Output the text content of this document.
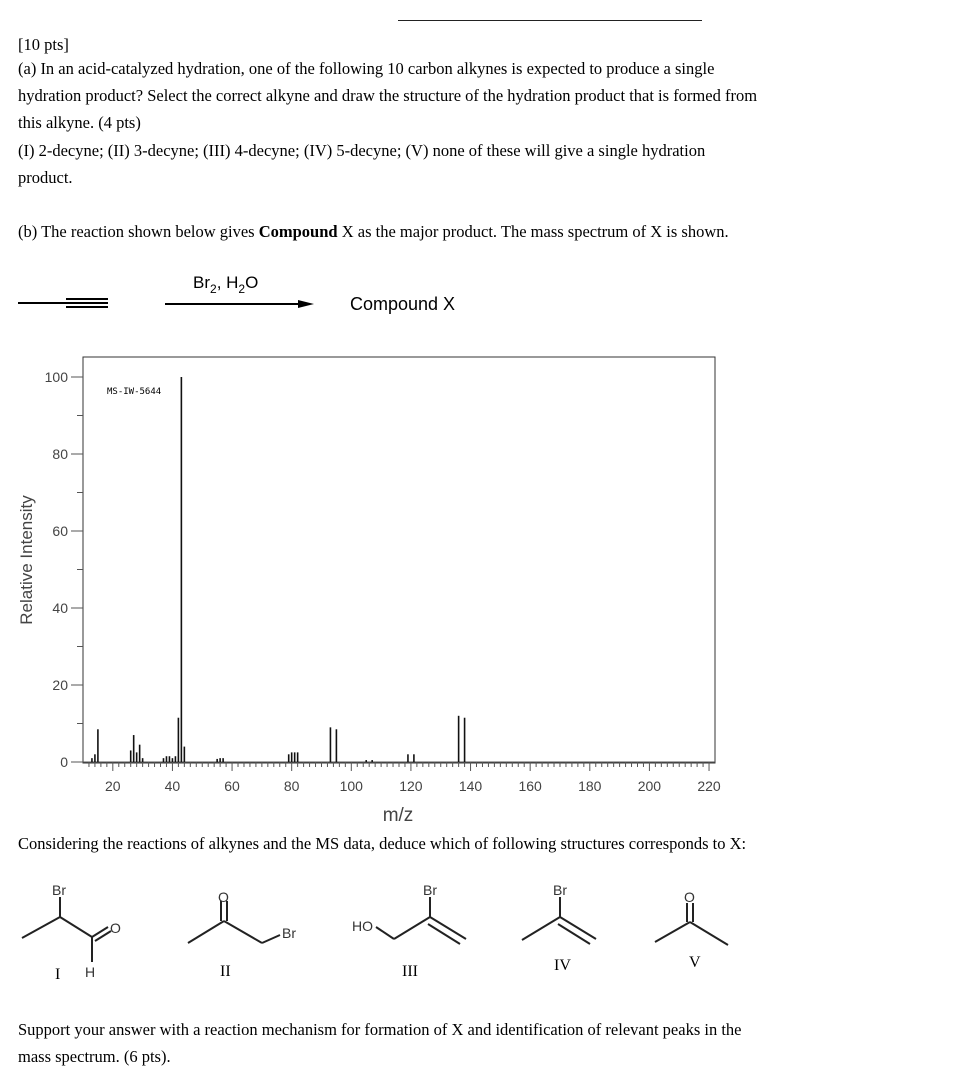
[10 pts]
(a) In an acid-catalyzed hydration, one of the following 10 carbon alkynes is expected to produce a single
hydration product? Select the correct alkyne and draw the structure of the hydration product that is formed from
this alkyne. (4 pts)
(I) 2-decyne; (II) 3-decyne; (III) 4-decyne; (IV) 5-decyne; (V) none of these will give a single hydration
product.
(b) The reaction shown below gives Compound X as the major product. The mass spectrum of X is shown.
$Br_2$, $H_2O$
Compound X
MS-IW-5644
m/z
Relative Intensity
20	40	60	80	100	120	140	160	180	200	220
0
20
40
60
80
100
Considering the reactions of alkynes and the MS data, deduce which of following structures corresponds to X:
Br
O
H
I
O
Br
II
HO
Br
III
Br
IV
O
V
Support your answer with a reaction mechanism for formation of X and identification of relevant peaks in the
mass spectrum. (6 pts).
